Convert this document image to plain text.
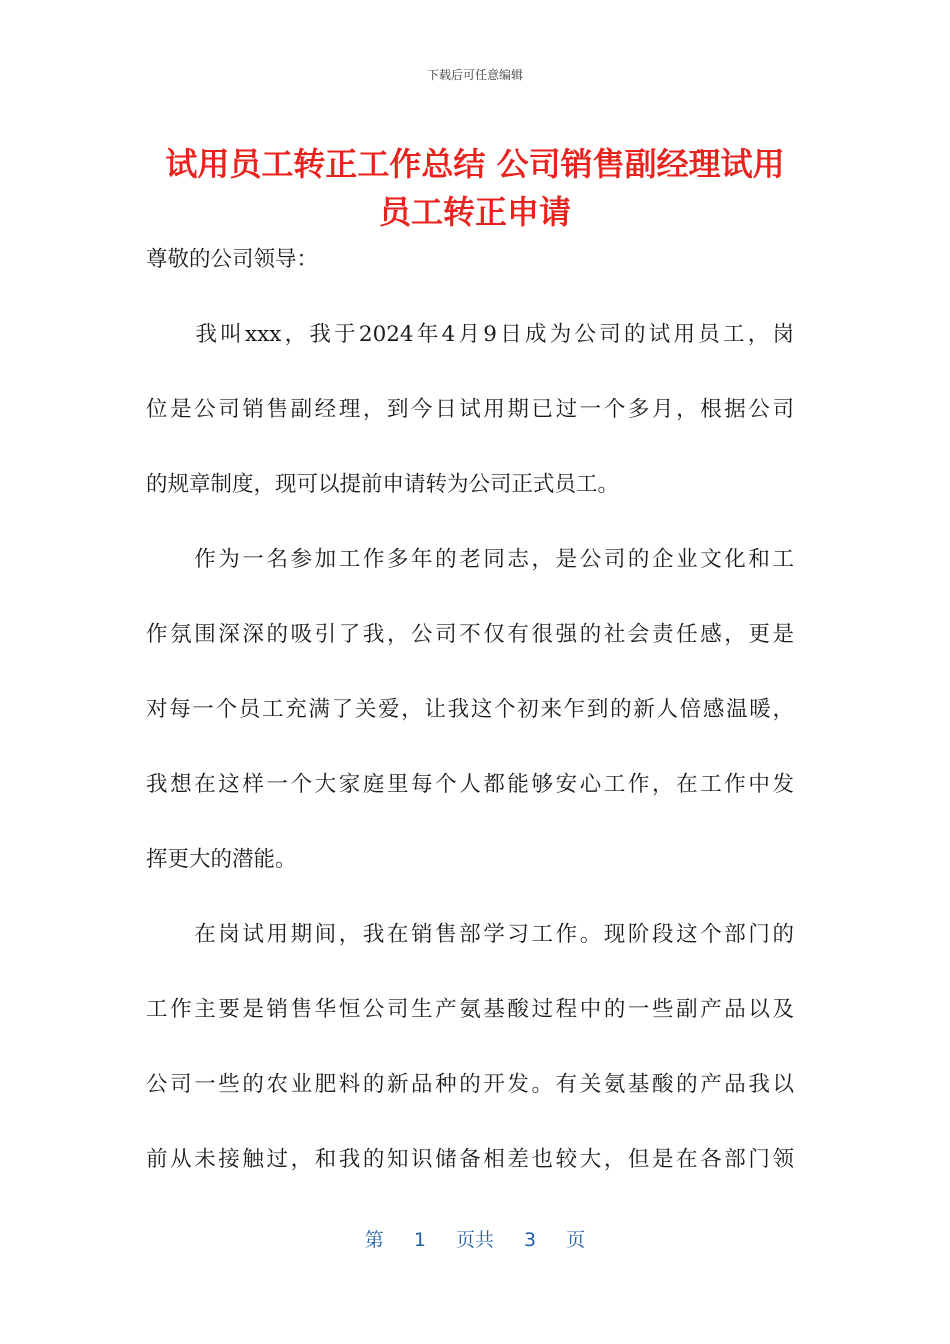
下载后可任意编辑
试用员工转正工作总结 公司销售副经理试用
员工转正申请

尊敬的公司领导：

　　我叫xxx，我于2024年4月9日成为公司的试用员工，岗
位是公司销售副经理，到今日试用期已过一个多月，根据公司
的规章制度，现可以提前申请转为公司正式员工。
　　作为一名参加工作多年的老同志，是公司的企业文化和工
作氛围深深的吸引了我，公司不仅有很强的社会责任感，更是
对每一个员工充满了关爱，让我这个初来乍到的新人倍感温暖，
我想在这样一个大家庭里每个人都能够安心工作，在工作中发
挥更大的潜能。
　　在岗试用期间，我在销售部学习工作。现阶段这个部门的
工作主要是销售华恒公司生产氨基酸过程中的一些副产品以及
公司一些的农业肥料的新品种的开发。有关氨基酸的产品我以
前从未接触过，和我的知识储备相差也较大，但是在各部门领
第 1 页共 3 页
